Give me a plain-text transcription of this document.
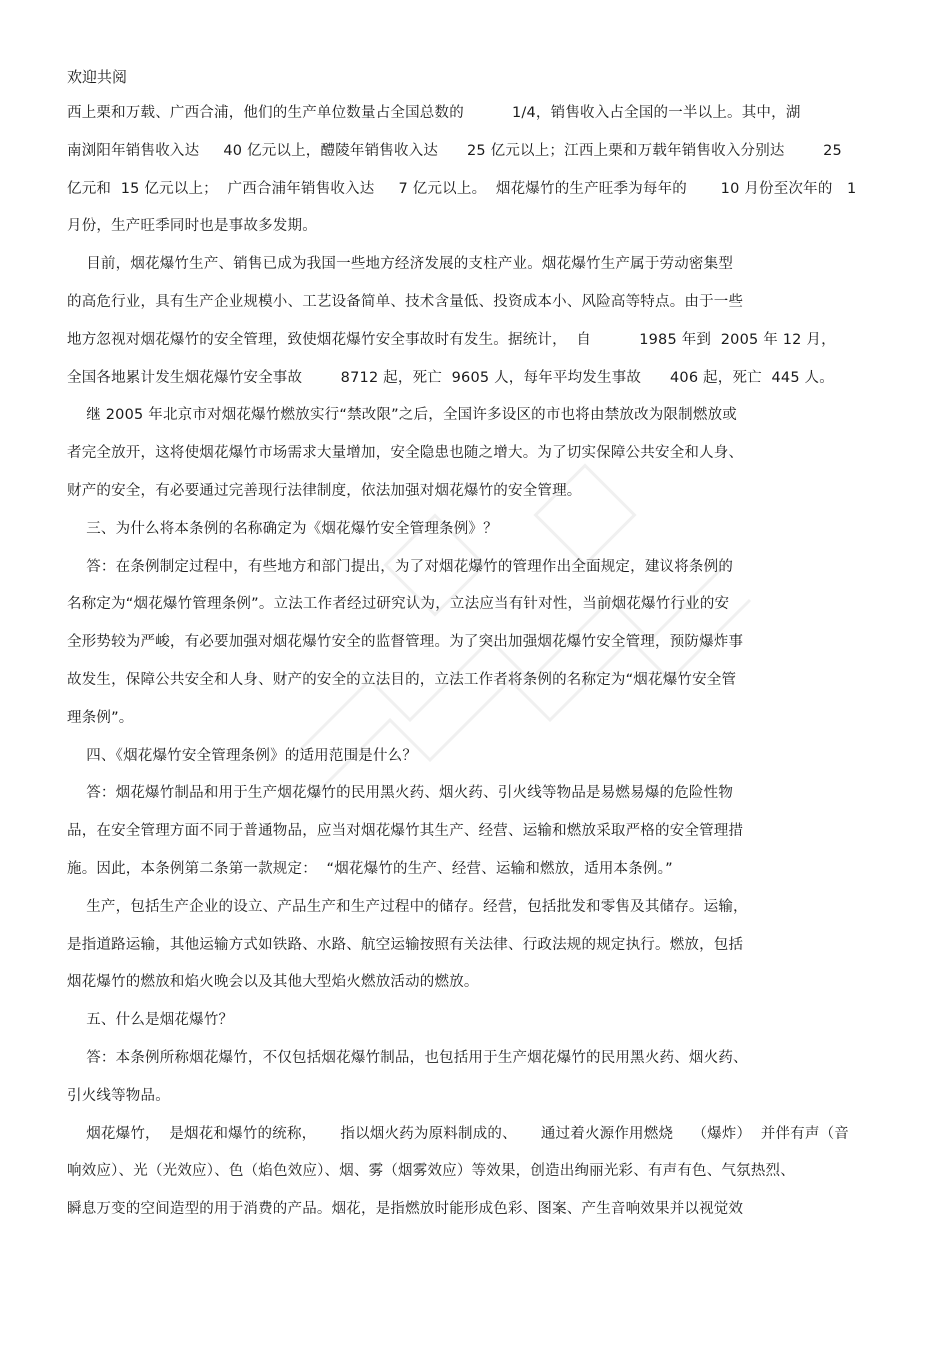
欢迎共阅
西上栗和万载、广西合浦，他们的生产单位数量占全国总数的          1/4，销售收入占全国的一半以上。其中，湖
南浏阳年销售收入达     40 亿元以上，醴陵年销售收入达      25 亿元以上；江西上栗和万载年销售收入分别达        25
亿元和  15 亿元以上；  广西合浦年销售收入达     7 亿元以上。  烟花爆竹的生产旺季为每年的       10 月份至次年的   1
月份，生产旺季同时也是事故多发期。
目前，烟花爆竹生产、销售已成为我国一些地方经济发展的支柱产业。烟花爆竹生产属于劳动密集型
的高危行业，具有生产企业规模小、工艺设备简单、技术含量低、投资成本小、风险高等特点。由于一些
地方忽视对烟花爆竹的安全管理，致使烟花爆竹安全事故时有发生。据统计，  自          1985 年到  2005 年 12 月，
全国各地累计发生烟花爆竹安全事故        8712 起，死亡  9605 人，每年平均发生事故      406 起，死亡  445 人。
继 2005 年北京市对烟花爆竹燃放实行“禁改限”之后，全国许多设区的市也将由禁放改为限制燃放或
者完全放开，这将使烟花爆竹市场需求大量增加，安全隐患也随之增大。为了切实保障公共安全和人身、
财产的安全，有必要通过完善现行法律制度，依法加强对烟花爆竹的安全管理。
三、为什么将本条例的名称确定为《烟花爆竹安全管理条例》？
答：在条例制定过程中，有些地方和部门提出，为了对烟花爆竹的管理作出全面规定，建议将条例的
名称定为“烟花爆竹管理条例”。立法工作者经过研究认为，立法应当有针对性，当前烟花爆竹行业的安
全形势较为严峻，有必要加强对烟花爆竹安全的监督管理。为了突出加强烟花爆竹安全管理，预防爆炸事
故发生，保障公共安全和人身、财产的安全的立法目的，立法工作者将条例的名称定为“烟花爆竹安全管
理条例”。
四、《烟花爆竹安全管理条例》的适用范围是什么？
答：烟花爆竹制品和用于生产烟花爆竹的民用黑火药、烟火药、引火线等物品是易燃易爆的危险性物
品，在安全管理方面不同于普通物品，应当对烟花爆竹其生产、经营、运输和燃放采取严格的安全管理措
施。因此，本条例第二条第一款规定：  “烟花爆竹的生产、经营、运输和燃放，适用本条例。”
生产，包括生产企业的设立、产品生产和生产过程中的储存。经营，包括批发和零售及其储存。运输，
是指道路运输，其他运输方式如铁路、水路、航空运输按照有关法律、行政法规的规定执行。燃放，包括
烟花爆竹的燃放和焰火晚会以及其他大型焰火燃放活动的燃放。
五、什么是烟花爆竹？
答：本条例所称烟花爆竹，不仅包括烟花爆竹制品，也包括用于生产烟花爆竹的民用黑火药、烟火药、
引火线等物品。
烟花爆竹，  是烟花和爆竹的统称，     指以烟火药为原料制成的、     通过着火源作用燃烧    （爆炸）  并伴有声（音
响效应）、光（光效应）、色（焰色效应）、烟、雾（烟雾效应）等效果，创造出绚丽光彩、有声有色、气氛热烈、
瞬息万变的空间造型的用于消费的产品。烟花，是指燃放时能形成色彩、图案、产生音响效果并以视觉效
